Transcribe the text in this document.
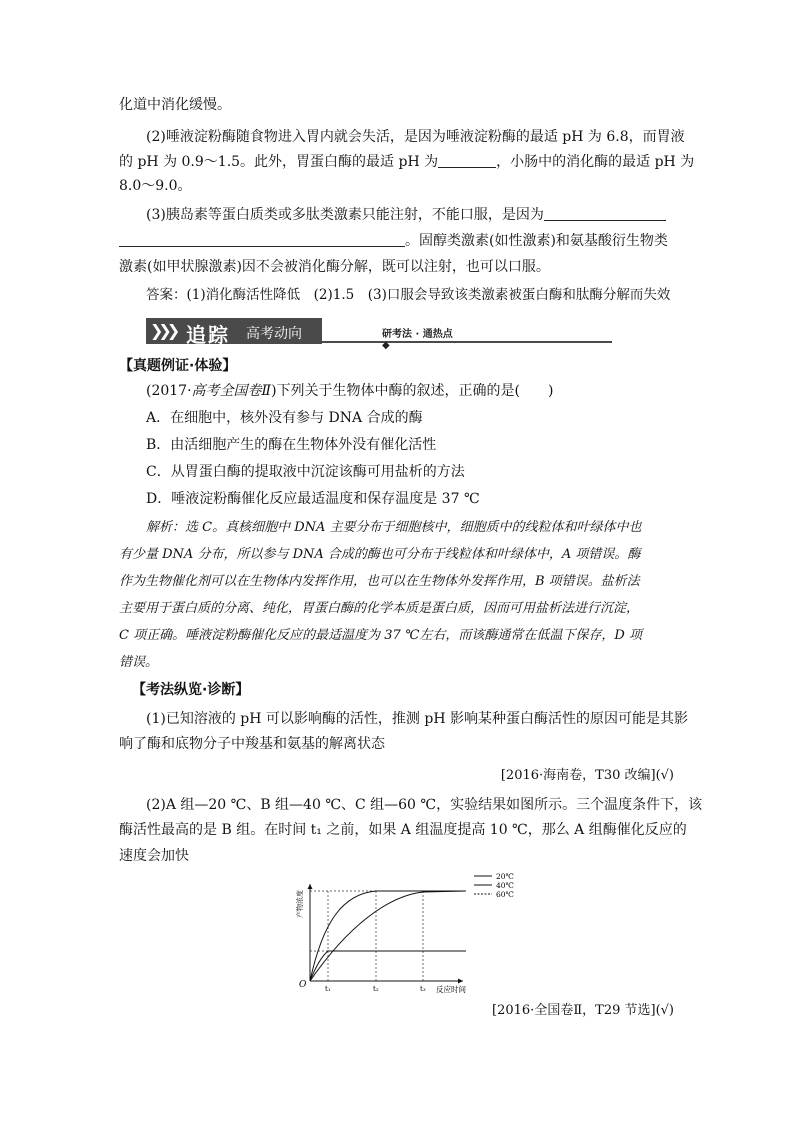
化道中消化缓慢。
(2)唾液淀粉酶随食物进入胃内就会失活，是因为唾液淀粉酶的最适 pH 为 6.8，而胃液
的 pH 为 0.9～1.5。此外，胃蛋白酶的最适 pH 为	，小肠中的消化酶的最适 pH 为
8.0～9.0。
(3)胰岛素等蛋白质类或多肽类激素只能注射，不能口服，是因为
。固醇类激素(如性激素)和氨基酸衍生物类
激素(如甲状腺激素)因不会被消化酶分解，既可以注射，也可以口服。
答案：(1)消化酶活性降低　(2)1.5　(3)口服会导致该类激素被蛋白酶和肽酶分解而失效
❯❯❯ 追踪 高考动向	研考法 · 通热点 ◆
【真题例证·体验】
(2017·高考全国卷Ⅱ)下列关于生物体中酶的叙述，正确的是(　　)
A．在细胞中，核外没有参与 DNA 合成的酶
B．由活细胞产生的酶在生物体外没有催化活性
C．从胃蛋白酶的提取液中沉淀该酶可用盐析的方法
D．唾液淀粉酶催化反应最适温度和保存温度是 37 ℃
解析：选 C。真核细胞中 DNA 主要分布于细胞核中，细胞质中的线粒体和叶绿体中也
有少量 DNA 分布，所以参与 DNA 合成的酶也可分布于线粒体和叶绿体中，A 项错误。酶
作为生物催化剂可以在生物体内发挥作用，也可以在生物体外发挥作用，B 项错误。盐析法
主要用于蛋白质的分离、纯化，胃蛋白酶的化学本质是蛋白质，因而可用盐析法进行沉淀，
C 项正确。唾液淀粉酶催化反应的最适温度为 37 ℃左右，而该酶通常在低温下保存，D 项
错误。
【考法纵览·诊断】
(1)已知溶液的 pH 可以影响酶的活性，推测 pH 影响某种蛋白酶活性的原因可能是其影
响了酶和底物分子中羧基和氨基的解离状态
[2016·海南卷，T30 改编](√)
(2)A 组—20 ℃、B 组—40 ℃、C 组—60 ℃，实验结果如图所示。三个温度条件下，该
酶活性最高的是 B 组。在时间 t₁ 之前，如果 A 组温度提高 10 ℃，那么 A 组酶催化反应的
速度会加快
O	t₁	t₂	t₃ 反应时间
产物浓度
20℃
40℃
60℃
[2016·全国卷Ⅱ，T29 节选](√)
